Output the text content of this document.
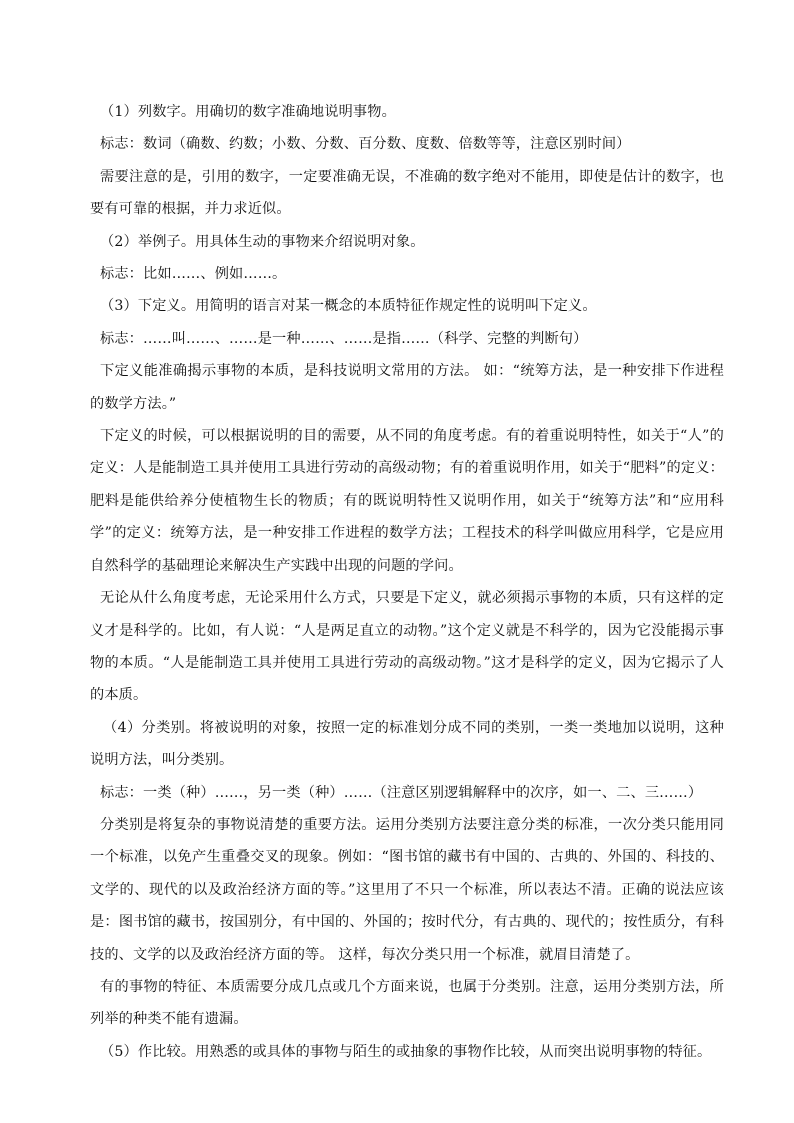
（1）列数字。用确切的数字准确地说明事物。

标志：数词（确数、约数；小数、分数、百分数、度数、倍数等等，注意区别时间）

需要注意的是，引用的数字，一定要准确无误，不准确的数字绝对不能用，即使是估计的数字，也要有可靠的根据，并力求近似。

（2）举例子。用具体生动的事物来介绍说明对象。

标志：比如……、例如……。

（3）下定义。用简明的语言对某一概念的本质特征作规定性的说明叫下定义。

标志：……叫……、……是一种……、……是指……（科学、完整的判断句）

下定义能准确揭示事物的本质，是科技说明文常用的方法。 如：“统筹方法，是一种安排下作进程的数学方法。”

下定义的时候，可以根据说明的目的需要，从不同的角度考虑。有的着重说明特性，如关于“人”的定义：人是能制造工具并使用工具进行劳动的高级动物；有的着重说明作用，如关于“肥料”的定义：肥料是能供给养分使植物生长的物质；有的既说明特性又说明作用，如关于“统筹方法”和“应用科学”的定义：统筹方法，是一种安排工作进程的数学方法；工程技术的科学叫做应用科学，它是应用自然科学的基础理论来解决生产实践中出现的问题的学问。

无论从什么角度考虑，无论采用什么方式，只要是下定义，就必须揭示事物的本质，只有这样的定义才是科学的。比如，有人说：“人是两足直立的动物。”这个定义就是不科学的，因为它没能揭示事物的本质。“人是能制造工具并使用工具进行劳动的高级动物。”这才是科学的定义，因为它揭示了人的本质。

（4）分类别。将被说明的对象，按照一定的标准划分成不同的类别，一类一类地加以说明，这种说明方法，叫分类别。

标志：一类（种）……，另一类（种）……（注意区别逻辑解释中的次序，如一、二、三……）

分类别是将复杂的事物说清楚的重要方法。运用分类别方法要注意分类的标准，一次分类只能用同一个标准，以免产生重叠交叉的现象。例如：“图书馆的藏书有中国的、古典的、外国的、科技的、文学的、现代的以及政治经济方面的等。”这里用了不只一个标准，所以表达不清。正确的说法应该是：图书馆的藏书，按国别分，有中国的、外国的；按时代分，有古典的、现代的；按性质分，有科技的、文学的以及政治经济方面的等。 这样，每次分类只用一个标准，就眉目清楚了。

有的事物的特征、本质需要分成几点或几个方面来说，也属于分类别。注意，运用分类别方法，所列举的种类不能有遗漏。

（5）作比较。用熟悉的或具体的事物与陌生的或抽象的事物作比较，从而突出说明事物的特征。
